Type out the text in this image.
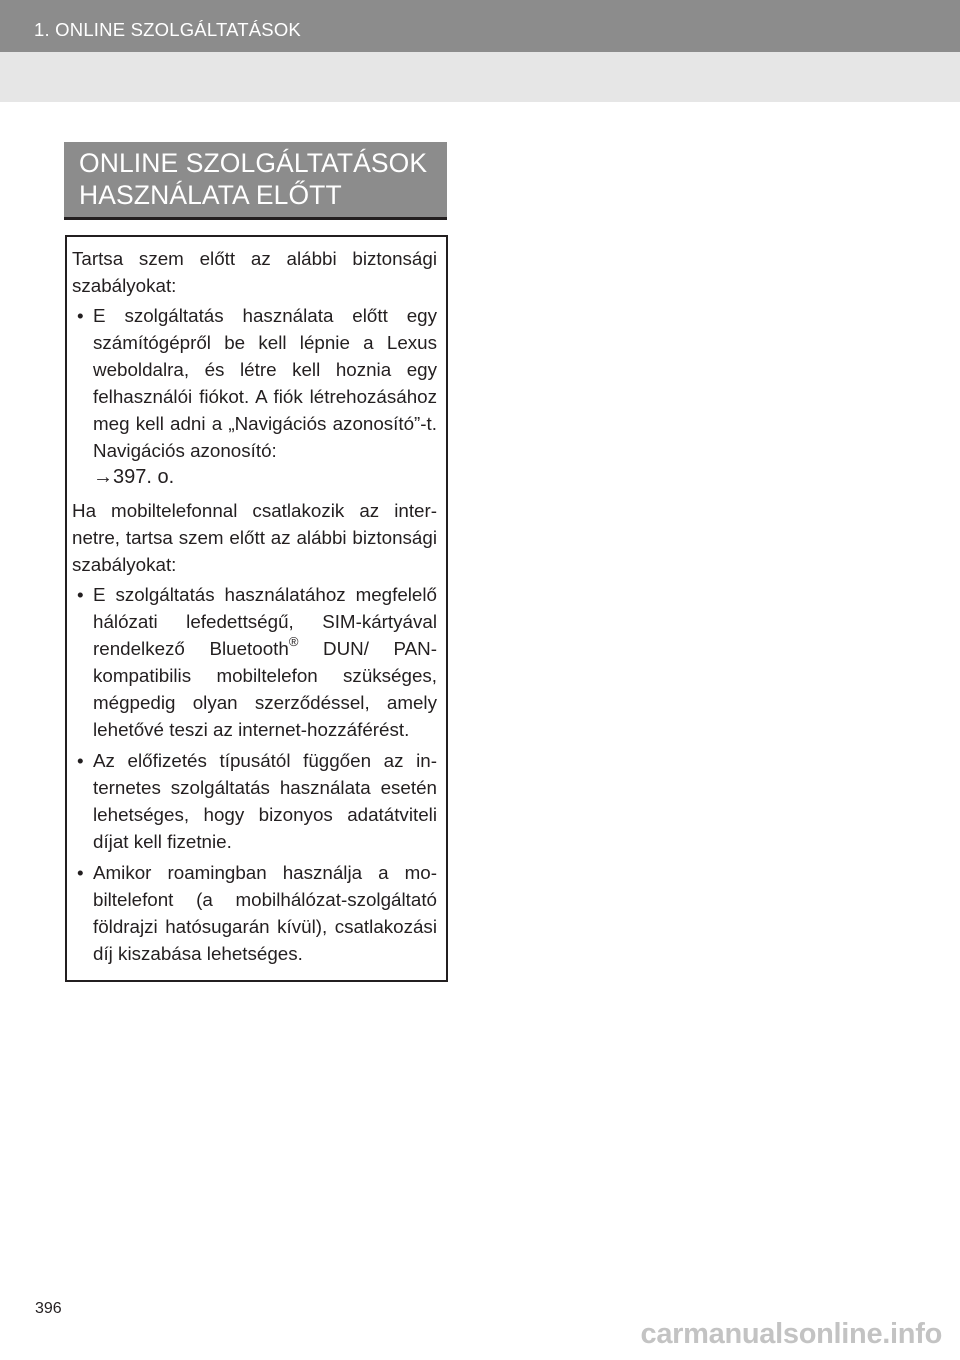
1. ONLINE SZOLGÁLTATÁSOK
ONLINE SZOLGÁLTATÁSOK
HASZNÁLATA ELŐTT

Tartsa szem előtt az alábbi biztonsági szabályokat:

• E szolgáltatás használata előtt egy számítógépről be kell lépnie a Lexus weboldalra, és létre kell hoznia egy felhasználói fiókot. A fiók létrehozásához meg kell adni a „Navigációs azonosító”-t. Navigációs azonosító:
→397. o.

Ha mobiltelefonnal csatlakozik az internetre, tartsa szem előtt az alábbi biztonsági szabályokat:

• E szolgáltatás használatához megfelelő hálózati lefedettségű, SIM-kártyával rendelkező Bluetooth® DUN/ PAN-kompatibilis mobiltelefon szükséges, mégpedig olyan szerződéssel, amely lehetővé teszi az internet-hozzáférést.
• Az előfizetés típusától függően az internetes szolgáltatás használata esetén lehetséges, hogy bizonyos adatátviteli díjat kell fizetnie.
• Amikor roamingban használja a mobiltelefont (a mobilhálózat-szolgáltató földrajzi hatósugarán kívül), csatlakozási díj kiszabása lehetséges.
396
carmanualsonline.info
